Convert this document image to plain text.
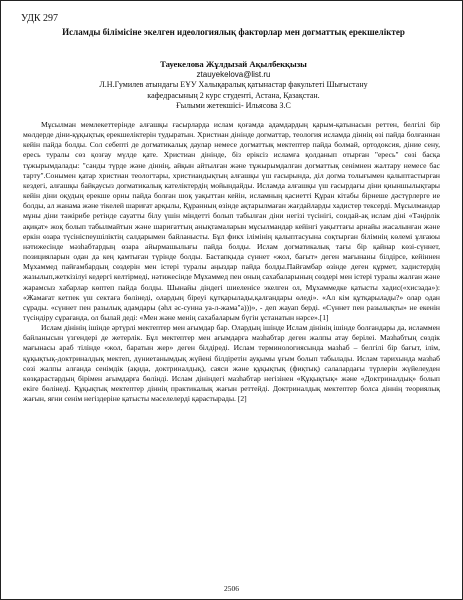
УДК 297
Исламды білімісіне экелген идеологиялық факторлар мен догматтық ерекшеліктер
Тауекелова Жұлдызай Ақылбекқызы
ztauyekelova@list.ru
Л.Н.Гумилев атындағы ЕҰУ Халықаралық қатынастар факультеті Шығыстану
кафедрасының 2 курс студенті, Астана, Қазақстан.
Ғылыми жетекшісі- Ильясова З.С

Мұсылман мемлекеттерінде алғашқы ғасырларда ислам қоғамда адамдардың қарым-қатынасын реттен, белгілі бір мөлдерде діни-құқықтық ерекшеліктерін тудыратын. Христиан дінінде догматтар, теология исламда діннің өзі пайда болғаннан кейін пайда болды. Сол себепті де догматикалық даулар немесе догматтық мектептер пайда болмай, ортодоксия, діние сену, ересь туралы сөз қозғау мүлде қате. Христиан дінінде, біз еріксіз исламға қолданып отырған "ересь" сөзі басқа тұжырымдалады: "санды түрде және діннің, айқын айтылған және тұжырымдалған догматтық сенімнен жалтару немесе бас тарту".Сонымен қатар христиан теологтары, христиандықтың алғашқы үш ғасырында, діл догма толығымен қалыптастырған кездегі, алғашқы байқаусыз догматикалық кателіктердің мойындайды. Исламда алғашқы үш ғасырдағы діни қиыншылықтары кейін діни оқудың ерекше орны пайда болған шоқ уақыттан кейін, исламның қасиетті Құран кітабы бірнеше дәстүрлерге ие болды, ал жанама және тікелей шариғат арқылы, Құранның өзінде ақтарылмаған жағдайларды хадистер тексерді. Мұсылмандар мұны діни тәжірибе ретінде сауатты білу үшін міндетті болып табылған діни негізі түсінігі, сондай-ақ ислам діні «Тәңірлік ақиқат» жоқ болып табылмайтын және шариғаттың анықтамаларын мұсылмандар кейінгі уақыттағы арнайы жасалынған және еркін өзара түсініспеушіліктің салдарымен байланысты. Бұл фикх ілімінің қалыптасуына соқтырған білімнің көлемі ұлғаюы нәтижесінде мәзһабтардың өзара айырмашылығы пайда болды. Ислам догматикалық тағы бір қайнар көзі-сүннет, позицияларын одан да кең қамтыған түрінде болды. Бастапқыда сүннет «жол, бағыт» деген мағынаны білдірсе, кейіннен Мұхаммед пайғамбардың сөздерін мен істері туралы аңыздар пайда болды.Пайғамбар өзінде деген құрмет, хадистердің жазылып,жеткізілуі кедергі келтірмеді, нәтижесінде Мұхаммед пен оның сахабаларының сөздері мен істері туралы жалған және жарамсыз хабарлар көптеп пайда болды. Шынайы діндегі шиеленісе экелген ол, Мұхаммедке қатысты хадис(«хисзада»): «Жамағат кетпек үш сектаға бөлінеді, олардың біреуі құтқарылады,қалғандары өледі». «Ал кім құтқарылады?» олар одан сұрады. «сүннет пен разылық адамдары (әһл әс-сунна уа-л-жама"а)))», - деп жауап берді. «Сүннет пен разылықты» не екенін түсіндіру сұрағанда, ол былай деді: «Мен және менің сахабаларым бүгін ұстанатын нәрсе».[1]

Ислам дінінің ішінде әртүрлі мектептер мен ағымдар бар. Олардың ішінде Ислам дінінің ішінде болғандары да, исламмен байланысын үзгендері де жетерлік. Бұл мектептер мен ағымдарға мазһабтар деген жалпы атау берілеі. Мазһабтың сөздік мағынасы араб тілінде «жол, баратын жер» деген білдіреді. Ислам терминологиясында мазһаб – белгілі бір бағыт, ілім, құқықтық-доктриналдық мектеп, дүниетанымдық жүйені білдіретін ауқымы ұғым болып табылады. Ислам тарихында мазһаб сөзі жалпы алғанда сенімдік (ақида, доктриналдық), саяси және құқықтық (фиқтық) салалардағы түрлерін жүйелеуден көзқарастардың бірімен ағымдарға бөлінді. Ислам дініндегі мазһабтар негізінен «Құқықтық» және «Доктриналдық» болып екіге бөлінеді. Құқықтық мектептер діннің практикалық жағын реттейді. Доктриналдық мектептер болса діннің теориялық жағын, яғни сенім негіздеріне қатысты мәселелерді қарастырады. [2]

2506
